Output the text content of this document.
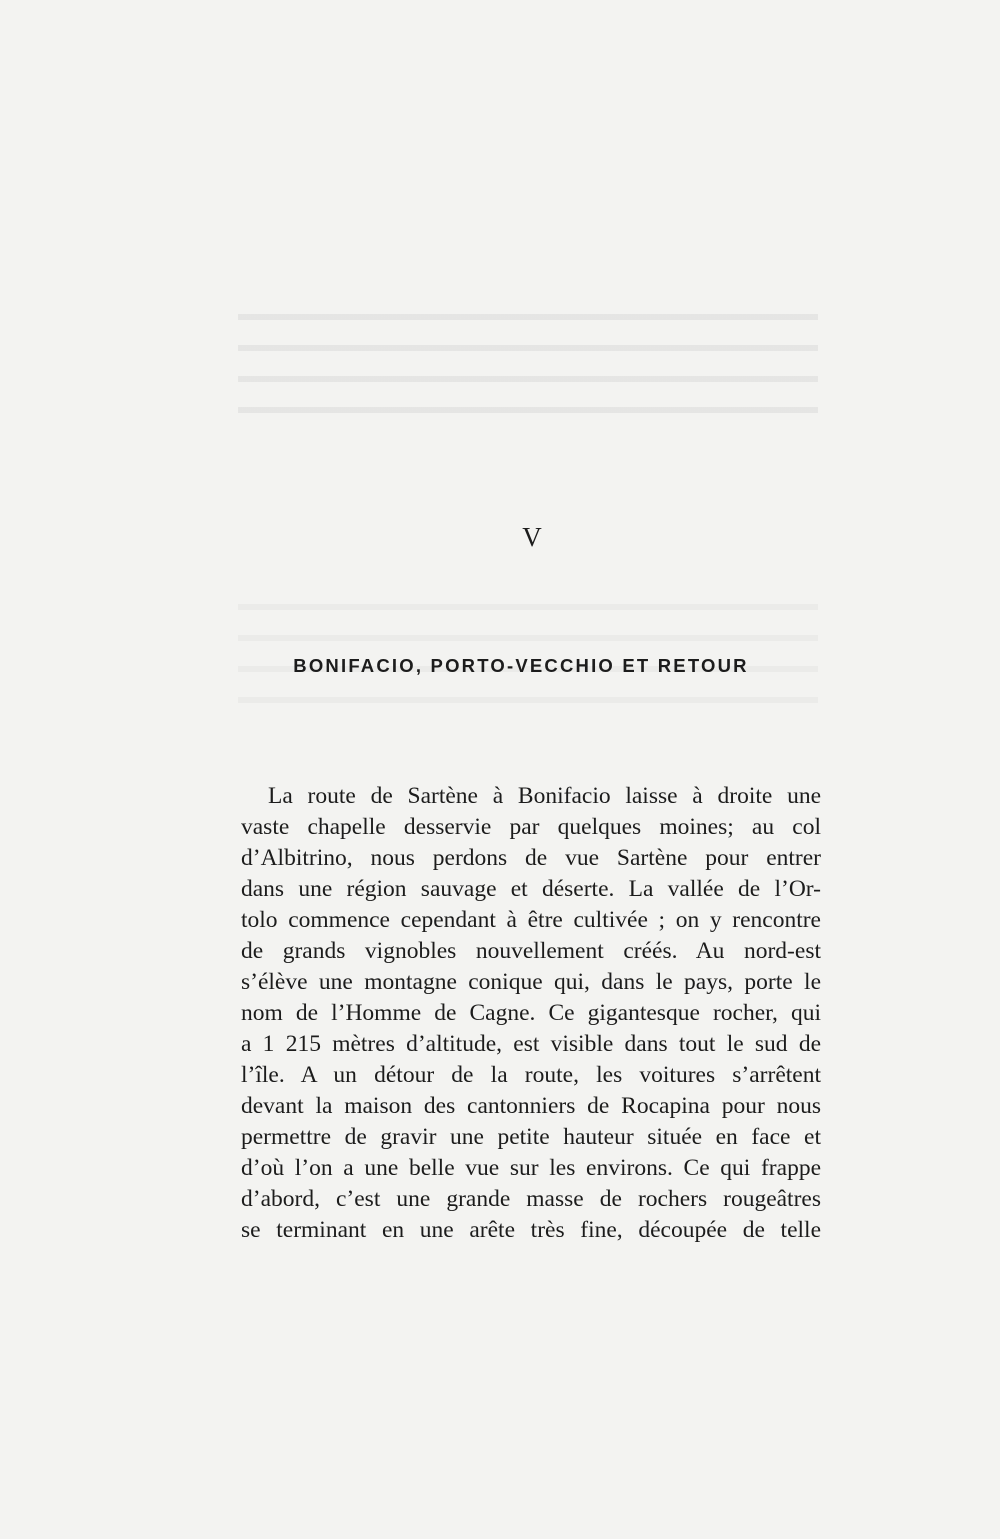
V
BONIFACIO, PORTO-VECCHIO ET RETOUR
La route de Sartène à Bonifacio laisse à droite une
vaste chapelle desservie par quelques moines; au col
d’Albitrino, nous perdons de vue Sartène pour entrer
dans une région sauvage et déserte. La vallée de l’Or-
tolo commence cependant à être cultivée ; on y rencontre
de grands vignobles nouvellement créés. Au nord-est
s’élève une montagne conique qui, dans le pays, porte le
nom de l’Homme de Cagne. Ce gigantesque rocher, qui
a 1 215 mètres d’altitude, est visible dans tout le sud de
l’île. A un détour de la route, les voitures s’arrêtent
devant la maison des cantonniers de Rocapina pour nous
permettre de gravir une petite hauteur située en face et
d’où l’on a une belle vue sur les environs. Ce qui frappe
d’abord, c’est une grande masse de rochers rougeâtres
se terminant en une arête très fine, découpée de telle
